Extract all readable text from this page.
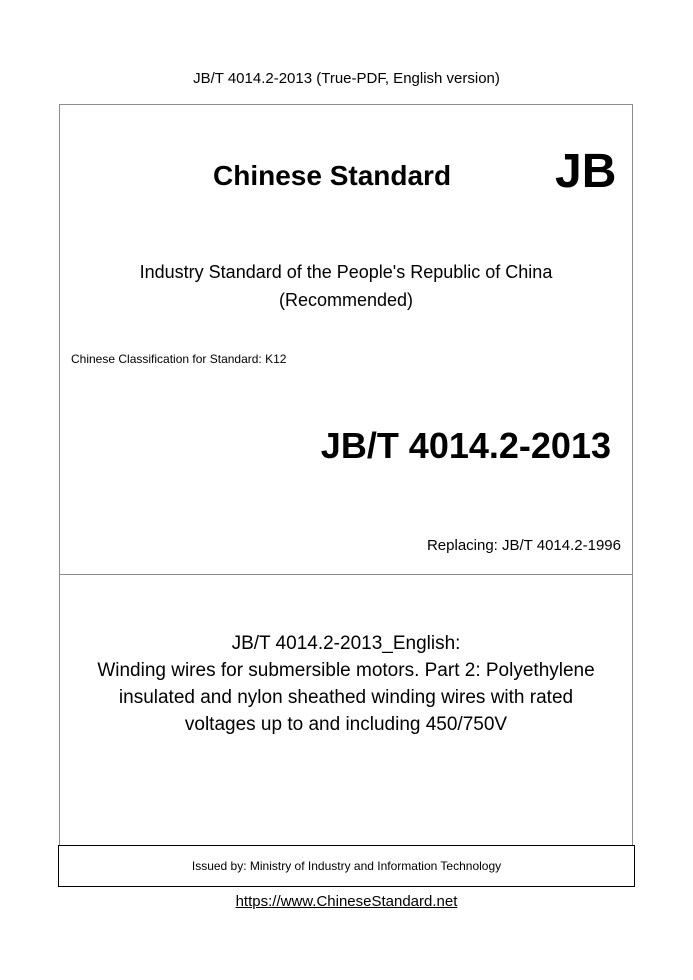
JB/T 4014.2-2013 (True-PDF, English version)
Chinese Standard JB
Industry Standard of the People's Republic of China
(Recommended)
Chinese Classification for Standard: K12
JB/T 4014.2-2013
Replacing: JB/T 4014.2-1996
JB/T 4014.2-2013_English:
Winding wires for submersible motors. Part 2: Polyethylene
insulated and nylon sheathed winding wires with rated
voltages up to and including 450/750V
Issued by: Ministry of Industry and Information Technology
https://www.ChineseStandard.net
